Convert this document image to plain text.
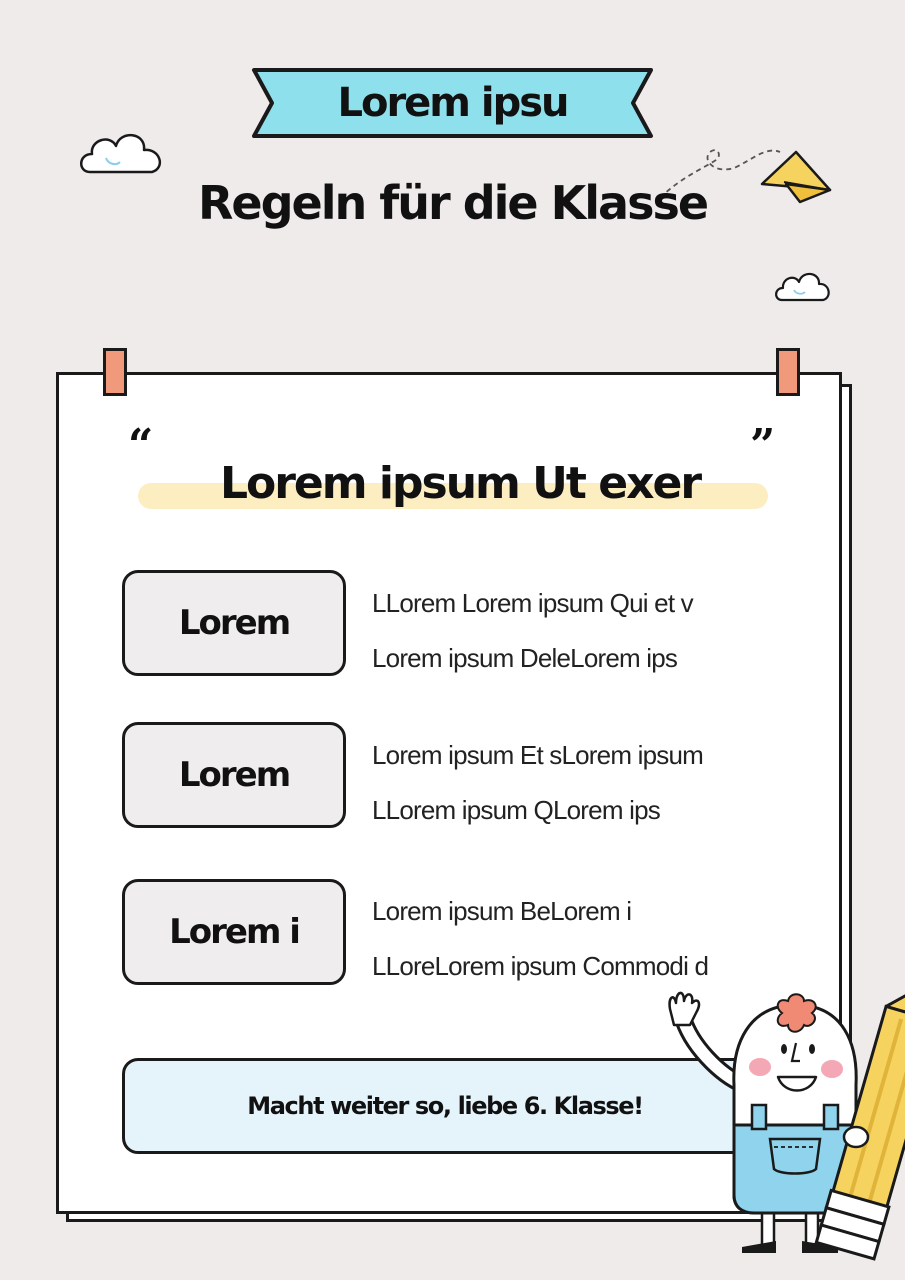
Lorem ipsu
Regeln für die Klasse
“	”
Lorem ipsum Ut exer
Lorem	LLorem Lorem ipsum Qui et v
Lorem ipsum DeleLorem ips
Lorem	Lorem ipsum Et sLorem ipsum
LLorem ipsum QLorem ips
Lorem i
Lorem ipsum BeLorem i
LLoreLorem ipsum Commodi d
Macht weiter so, liebe 6. Klasse!
